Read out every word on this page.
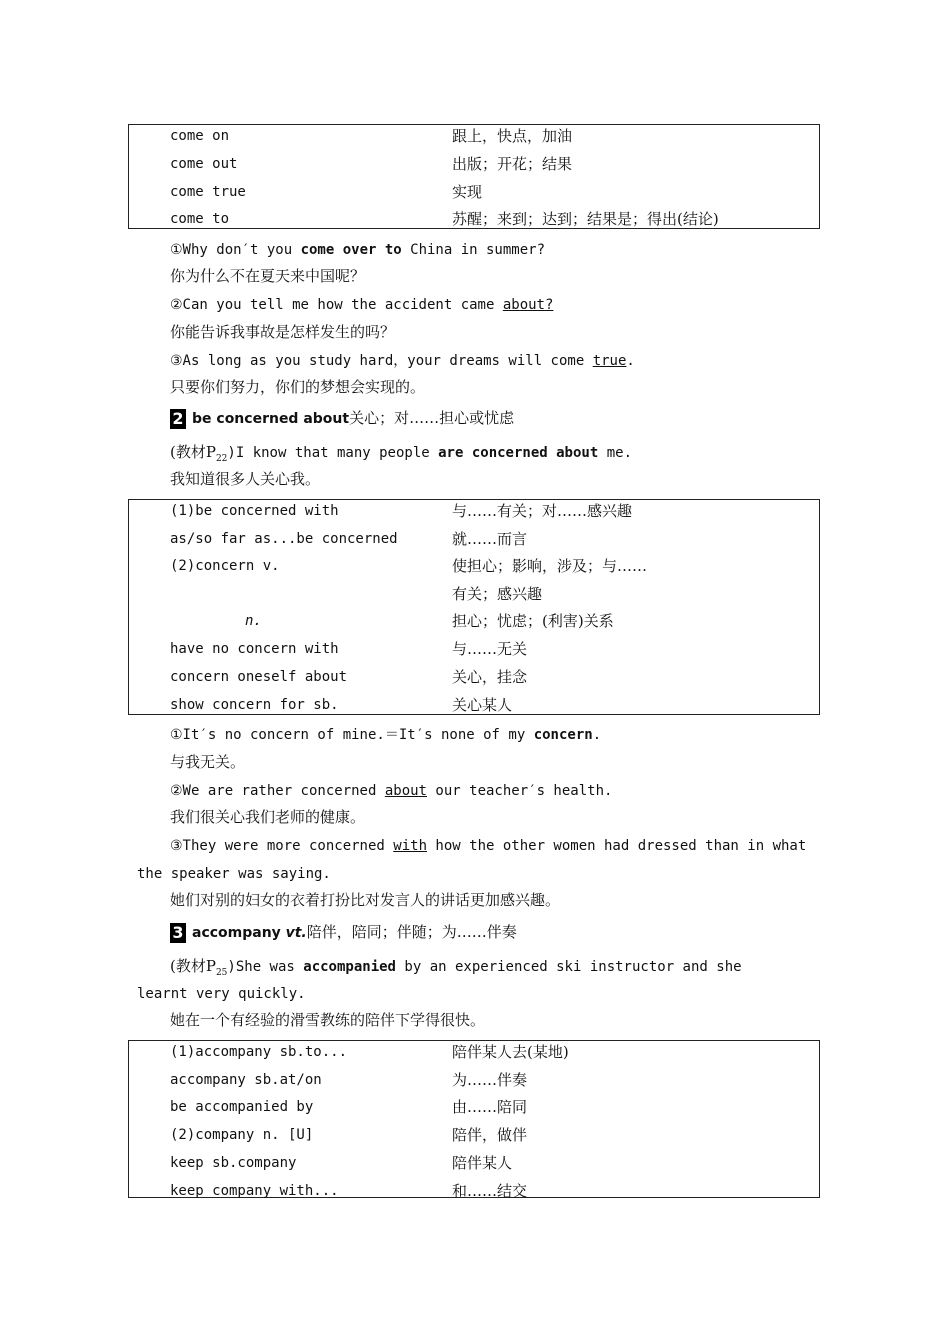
come on	跟上，快点，加油
come out	出版；开花；结果
come true	实现
come to	苏醒；来到；达到；结果是；得出(结论)
①Why don′t you come over to China in summer?
你为什么不在夏天来中国呢？
②Can you tell me how the accident came about?
你能告诉我事故是怎样发生的吗？
③As long as you study hard，your dreams will come true.
只要你们努力，你们的梦想会实现的。
2 be concerned about关心；对……担心或忧虑
(教材$P_{22})I$ know that many people are concerned about me.
我知道很多人关心我。
(1)be concerned with	与……有关；对……感兴趣
as/so far as...be concerned	就……而言
(2)concern v.	使担心；影响，涉及；与……
有关；感兴趣
n.	担心；忧虑；(利害)关系
have no concern with	与……无关
concern oneself about	关心，挂念
show concern for sb.	关心某人
①It′s no concern of mine.＝It′s none of my concern.
与我无关。
②We are rather concerned about our teacher′s health.
我们很关心我们老师的健康。
③They were more concerned with how the other women had dressed than in what
the speaker was saying.
她们对别的妇女的衣着打扮比对发言人的讲话更加感兴趣。
3 accompany vt.陪伴，陪同；伴随；为……伴奏
(教材$P_{25})She$ was accompanied by an experienced ski instructor and she
learnt very quickly.
她在一个有经验的滑雪教练的陪伴下学得很快。
(1)accompany sb.to...	陪伴某人去(某地)
accompany sb.at/on	为……伴奏
be accompanied by	由……陪同
(2)company n. [U]	陪伴，做伴
keep sb.company	陪伴某人
keep company with...	和……结交
